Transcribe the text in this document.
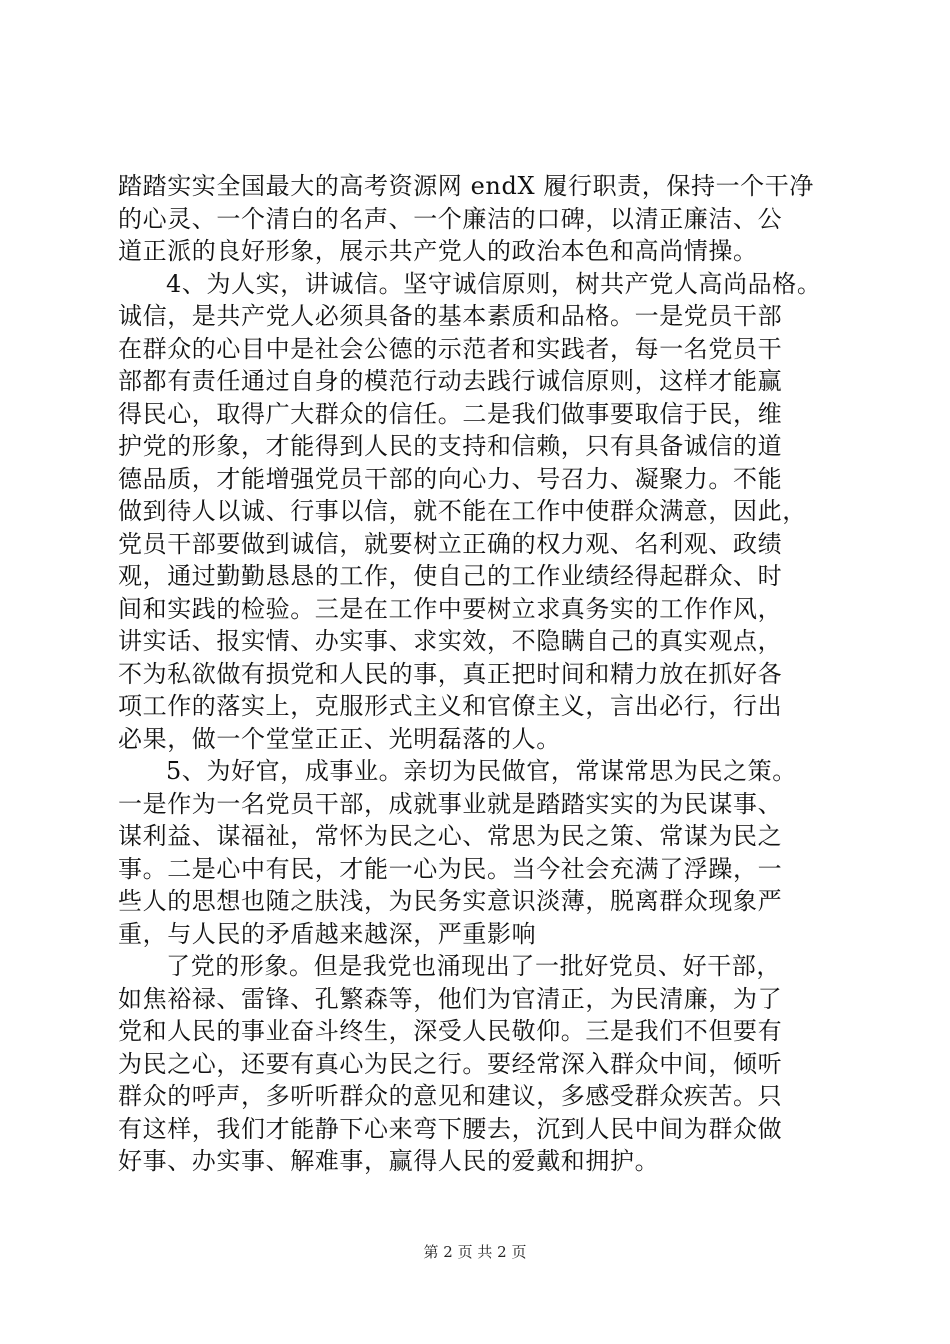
踏踏实实全国最大的高考资源网 endX 履行职责，保持一个干净
的心灵、一个清白的名声、一个廉洁的口碑，以清正廉洁、公
道正派的良好形象，展示共产党人的政治本色和高尚情操。
4、为人实，讲诚信。坚守诚信原则，树共产党人高尚品格。
诚信，是共产党人必须具备的基本素质和品格。一是党员干部
在群众的心目中是社会公德的示范者和实践者，每一名党员干
部都有责任通过自身的模范行动去践行诚信原则，这样才能赢
得民心，取得广大群众的信任。二是我们做事要取信于民，维
护党的形象，才能得到人民的支持和信赖，只有具备诚信的道
德品质，才能增强党员干部的向心力、号召力、凝聚力。不能
做到待人以诚、行事以信，就不能在工作中使群众满意，因此，
党员干部要做到诚信，就要树立正确的权力观、名利观、政绩
观，通过勤勤恳恳的工作，使自己的工作业绩经得起群众、时
间和实践的检验。三是在工作中要树立求真务实的工作作风，
讲实话、报实情、办实事、求实效，不隐瞒自己的真实观点，
不为私欲做有损党和人民的事，真正把时间和精力放在抓好各
项工作的落实上，克服形式主义和官僚主义，言出必行，行出
必果，做一个堂堂正正、光明磊落的人。
5、为好官，成事业。亲切为民做官，常谋常思为民之策。
一是作为一名党员干部，成就事业就是踏踏实实的为民谋事、
谋利益、谋福祉，常怀为民之心、常思为民之策、常谋为民之
事。二是心中有民，才能一心为民。当今社会充满了浮躁，一
些人的思想也随之肤浅，为民务实意识淡薄，脱离群众现象严
重，与人民的矛盾越来越深，严重影响
了党的形象。但是我党也涌现出了一批好党员、好干部，
如焦裕禄、雷锋、孔繁森等，他们为官清正，为民清廉，为了
党和人民的事业奋斗终生，深受人民敬仰。三是我们不但要有
为民之心，还要有真心为民之行。要经常深入群众中间，倾听
群众的呼声，多听听群众的意见和建议，多感受群众疾苦。只
有这样，我们才能静下心来弯下腰去，沉到人民中间为群众做
好事、办实事、解难事，赢得人民的爱戴和拥护。
第 2 页 共 2 页
